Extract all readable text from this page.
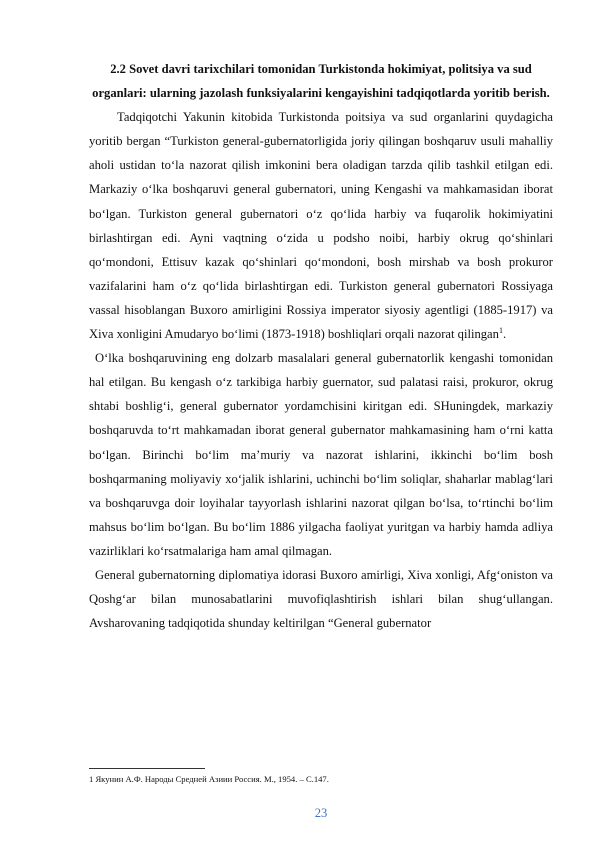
2.2 Sovet davri tarixchilari tomonidan Turkistonda hokimiyat, politsiya va sud organlari: ularning jazolash funksiyalarini kengayishini tadqiqotlarda yoritib berish.

Tadqiqotchi Yakunin kitobida Turkistonda poitsiya va sud organlarini quydagicha yoritib bergan “Turkiston general-gubernatorligida joriy qilingan boshqaruv usuli mahalliy aholi ustidan to‘la nazorat qilish imkonini bera oladigan tarzda qilib tashkil etilgan edi. Markaziy o‘lka boshqaruvi general gubernatori, uning Kengashi va mahkamasidan iborat bo‘lgan. Turkiston general gubernatori o‘z qo‘lida harbiy va fuqarolik hokimiyatini birlashtirgan edi. Ayni vaqtning o‘zida u podsho noibi, harbiy okrug qo‘shinlari qo‘mondoni, Ettisuv kazak qo‘shinlari qo‘mondoni, bosh mirshab va bosh prokuror vazifalarini ham o‘z qo‘lida birlashtirgan edi. Turkiston general gubernatori Rossiyaga vassal hisoblangan Buxoro amirligini Rossiya imperator siyosiy agentligi (1885-1917) va Xiva xonligini Amudaryo bo‘limi (1873-1918) boshliqlari orqali nazorat qilingan$^1$.

O‘lka boshqaruvining eng dolzarb masalalari general gubernatorlik kengashi tomonidan hal etilgan. Bu kengash o‘z tarkibiga harbiy guernator, sud palatasi raisi, prokuror, okrug shtabi boshlig‘i, general gubernator yordamchisini kiritgan edi. SHuningdek, markaziy boshqaruvda to‘rt mahkamadan iborat general gubernator mahkamasining ham o‘rni katta bo‘lgan. Birinchi bo‘lim ma’muriy va nazorat ishlarini, ikkinchi bo‘lim bosh boshqarmaning moliyaviy xo‘jalik ishlarini, uchinchi bo‘lim soliqlar, shaharlar mablag‘lari va boshqaruvga doir loyihalar tayyorlash ishlarini nazorat qilgan bo‘lsa, to‘rtinchi bo‘lim mahsus bo‘lim bo‘lgan. Bu bo‘lim 1886 yilgacha faoliyat yuritgan va harbiy hamda adliya vazirliklari ko‘rsatmalariga ham amal qilmagan.

General gubernatorning diplomatiya idorasi Buxoro amirligi, Xiva xonligi, Afg‘oniston va Qoshg‘ar bilan munosabatlarini muvofiqlashtirish ishlari bilan shug‘ullangan. Avsharovaning tadqiqotida shunday keltirilgan “General gubernator

1 Якунин А.Ф. Народы Средней Азиии Россия. М., 1954. – С.147.
23
